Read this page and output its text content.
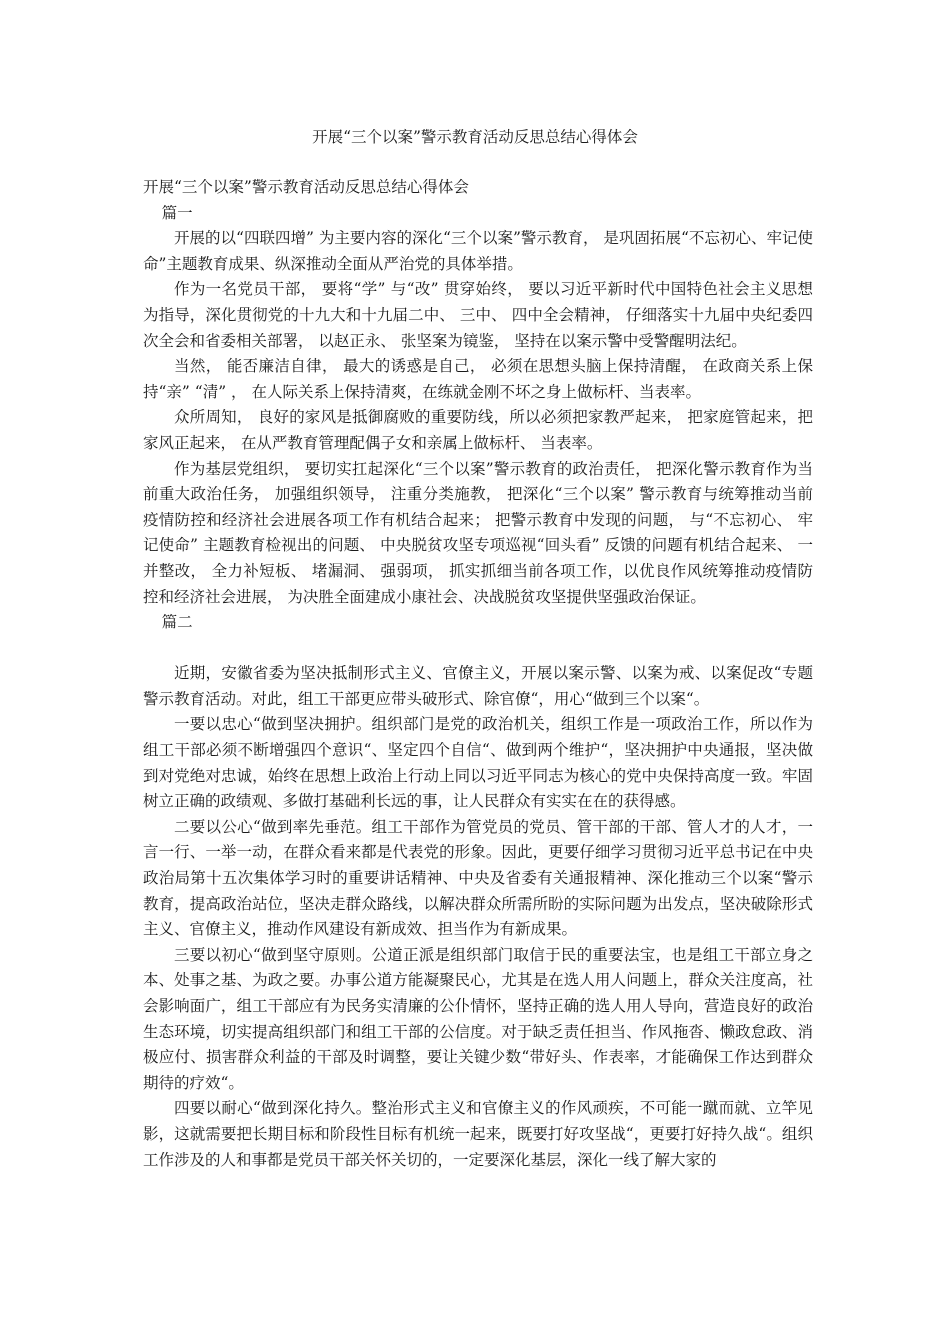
开展“三个以案”警示教育活动反思总结心得体会

开展“三个以案”警示教育活动反思总结心得体会

篇一

开展的以“四联四增” 为主要内容的深化“三个以案”警示教育， 是巩固拓展“不忘初心、牢记使命”主题教育成果、纵深推动全面从严治党的具体举措。

作为一名党员干部， 要将“学” 与“改” 贯穿始终， 要以习近平新时代中国特色社会主义思想为指导，深化贯彻党的十九大和十九届二中、 三中、 四中全会精神， 仔细落实十九届中央纪委四次全会和省委相关部署， 以赵正永、 张坚案为镜鉴， 坚持在以案示警中受警醒明法纪。

当然， 能否廉洁自律， 最大的诱惑是自己， 必须在思想头脑上保持清醒， 在政商关系上保持“亲” “清” ， 在人际关系上保持清爽，在练就金刚不坏之身上做标杆、当表率。

众所周知， 良好的家风是抵御腐败的重要防线，所以必须把家教严起来， 把家庭管起来，把家风正起来， 在从严教育管理配偶子女和亲属上做标杆、 当表率。

作为基层党组织， 要切实扛起深化“三个以案”警示教育的政治责任， 把深化警示教育作为当前重大政治任务， 加强组织领导， 注重分类施教， 把深化“三个以案” 警示教育与统筹推动当前疫情防控和经济社会进展各项工作有机结合起来； 把警示教育中发现的问题， 与“不忘初心、 牢记使命” 主题教育检视出的问题、 中央脱贫攻坚专项巡视“回头看” 反馈的问题有机结合起来、 一并整改， 全力补短板、 堵漏洞、 强弱项， 抓实抓细当前各项工作，以优良作风统筹推动疫情防控和经济社会进展， 为决胜全面建成小康社会、决战脱贫攻坚提供坚强政治保证。

篇二

近期，安徽省委为坚决抵制形式主义、官僚主义，开展以案示警、以案为戒、以案促改“专题警示教育活动。对此，组工干部更应带头破形式、除官僚“，用心“做到三个以案“。

一要以忠心“做到坚决拥护。组织部门是党的政治机关，组织工作是一项政治工作，所以作为组工干部必须不断增强四个意识“、坚定四个自信“、做到两个维护“，坚决拥护中央通报，坚决做到对党绝对忠诚，始终在思想上政治上行动上同以习近平同志为核心的党中央保持高度一致。牢固树立正确的政绩观、多做打基础利长远的事，让人民群众有实实在在的获得感。

二要以公心“做到率先垂范。组工干部作为管党员的党员、管干部的干部、管人才的人才，一言一行、一举一动，在群众看来都是代表党的形象。因此，更要仔细学习贯彻习近平总书记在中央政治局第十五次集体学习时的重要讲话精神、中央及省委有关通报精神、深化推动三个以案“警示教育，提高政治站位，坚决走群众路线，以解决群众所需所盼的实际问题为出发点，坚决破除形式主义、官僚主义，推动作风建设有新成效、担当作为有新成果。

三要以初心“做到坚守原则。公道正派是组织部门取信于民的重要法宝，也是组工干部立身之本、处事之基、为政之要。办事公道方能凝聚民心，尤其是在选人用人问题上，群众关注度高，社会影响面广，组工干部应有为民务实清廉的公仆情怀，坚持正确的选人用人导向，营造良好的政治生态环境，切实提高组织部门和组工干部的公信度。对于缺乏责任担当、作风拖沓、懒政怠政、消极应付、损害群众利益的干部及时调整，要让关键少数“带好头、作表率，才能确保工作达到群众期待的疗效“。

四要以耐心“做到深化持久。整治形式主义和官僚主义的作风顽疾，不可能一蹴而就、立竿见影，这就需要把长期目标和阶段性目标有机统一起来，既要打好攻坚战“，更要打好持久战“。组织工作涉及的人和事都是党员干部关怀关切的，一定要深化基层，深化一线了解大家的
